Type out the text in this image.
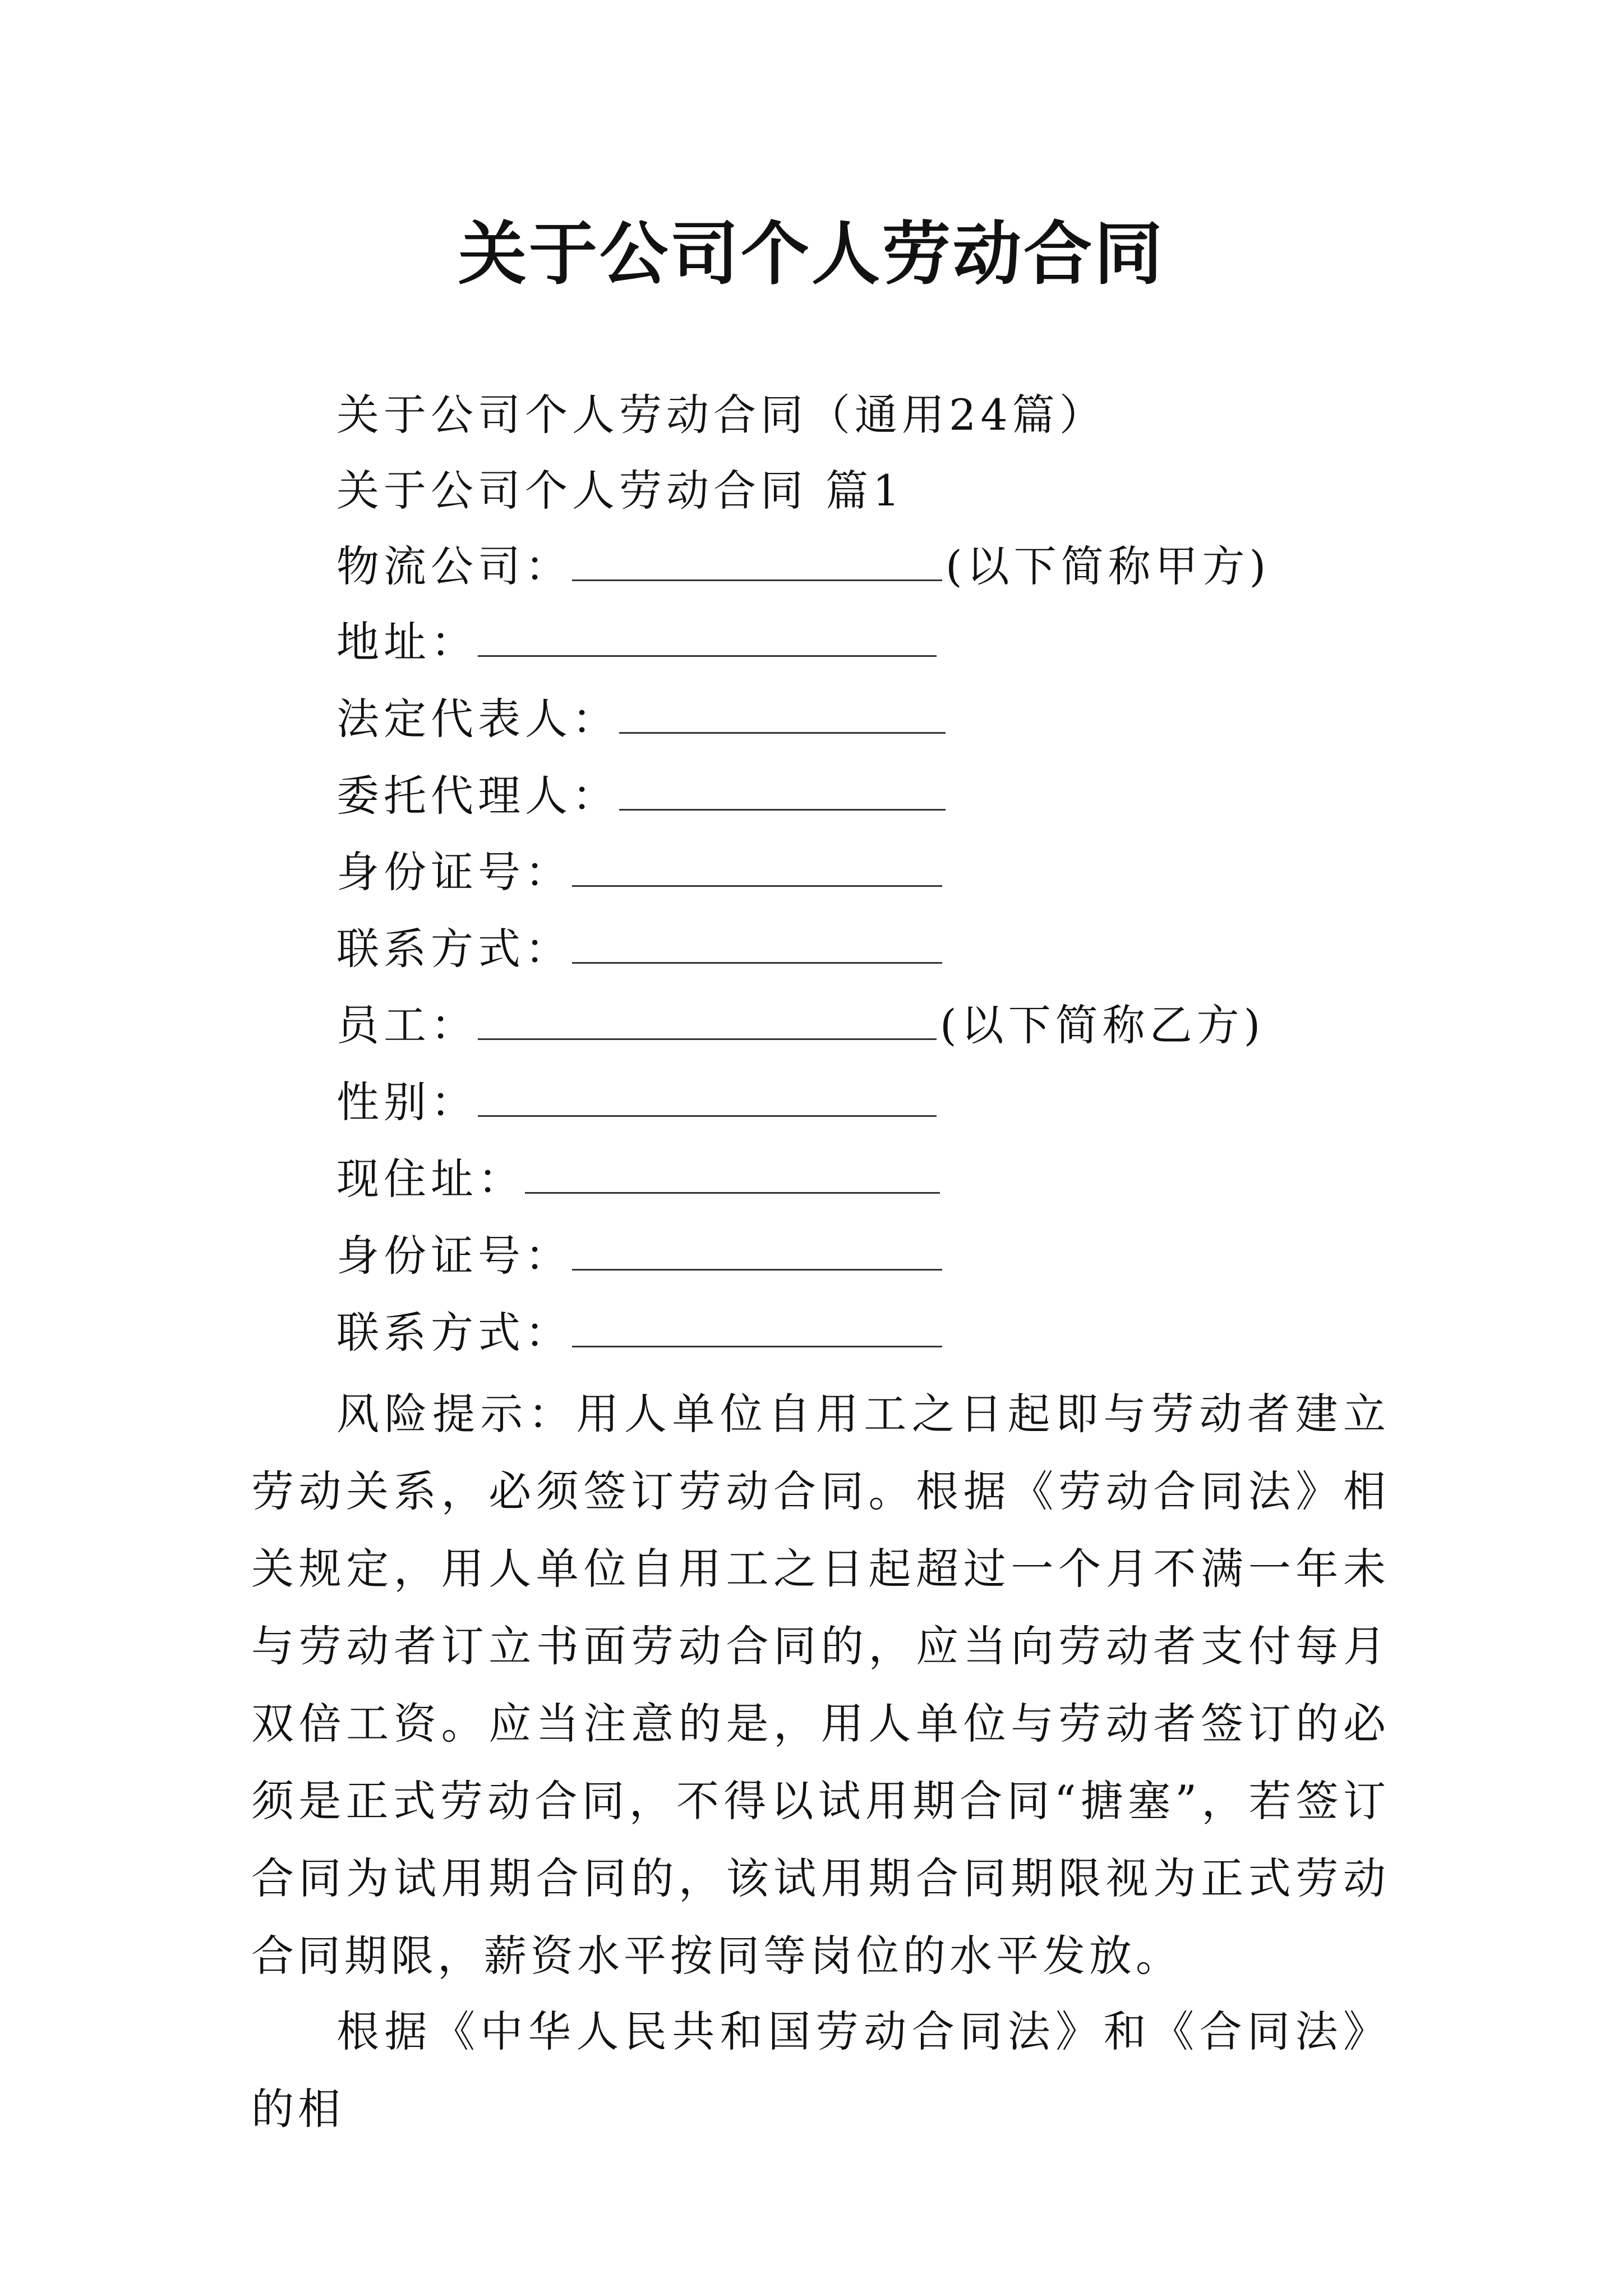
关于公司个人劳动合同
关于公司个人劳动合同（通用24篇）
关于公司个人劳动合同 篇1
物流公司：	(以下简称甲方)
地址：
法定代表人：
委托代理人：
身份证号：
联系方式：
员工：	(以下简称乙方)
性别：
现住址：
身份证号：
联系方式：

风险提示：用人单位自用工之日起即与劳动者建立劳动关系，必须签订劳动合同。根据《劳动合同法》相关规定，用人单位自用工之日起超过一个月不满一年未与劳动者订立书面劳动合同的，应当向劳动者支付每月双倍工资。应当注意的是，用人单位与劳动者签订的必须是正式劳动合同，不得以试用期合同“搪塞”，若签订合同为试用期合同的，该试用期合同期限视为正式劳动合同期限，薪资水平按同等岗位的水平发放。

根据《中华人民共和国劳动合同法》和《合同法》的相
